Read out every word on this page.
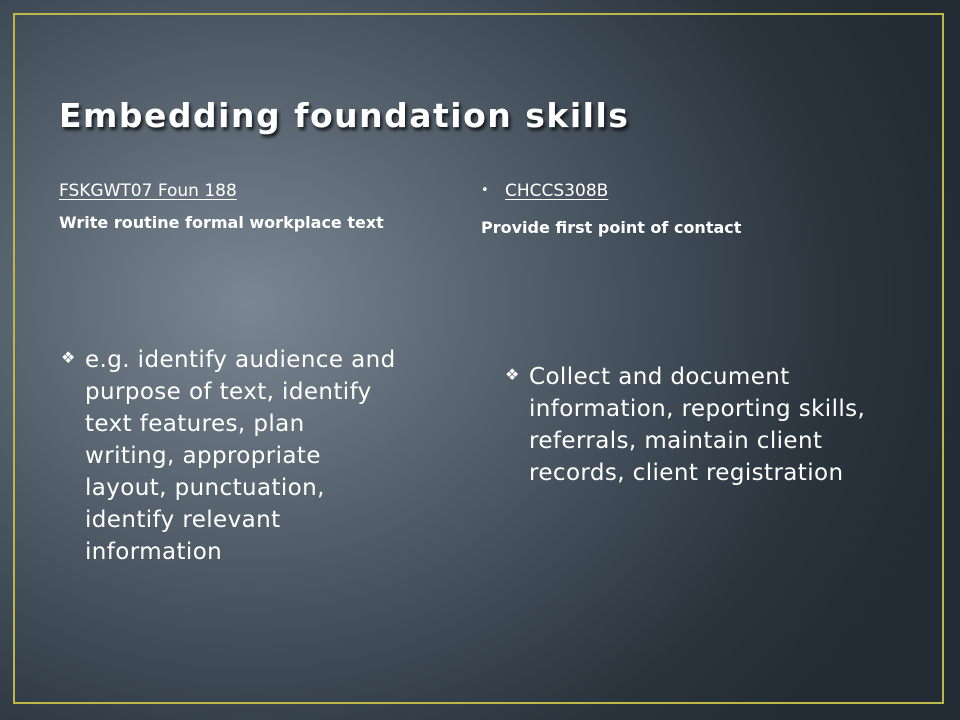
Embedding foundation skills
FSKGWT07 Foun 188

Write routine formal workplace text

❖ e.g. identify audience and purpose of text, identify text features, plan writing, appropriate layout, punctuation, identify relevant information
• CHCCS308B

Provide first point of contact

❖ Collect and document information, reporting skills, referrals, maintain client records, client registration
